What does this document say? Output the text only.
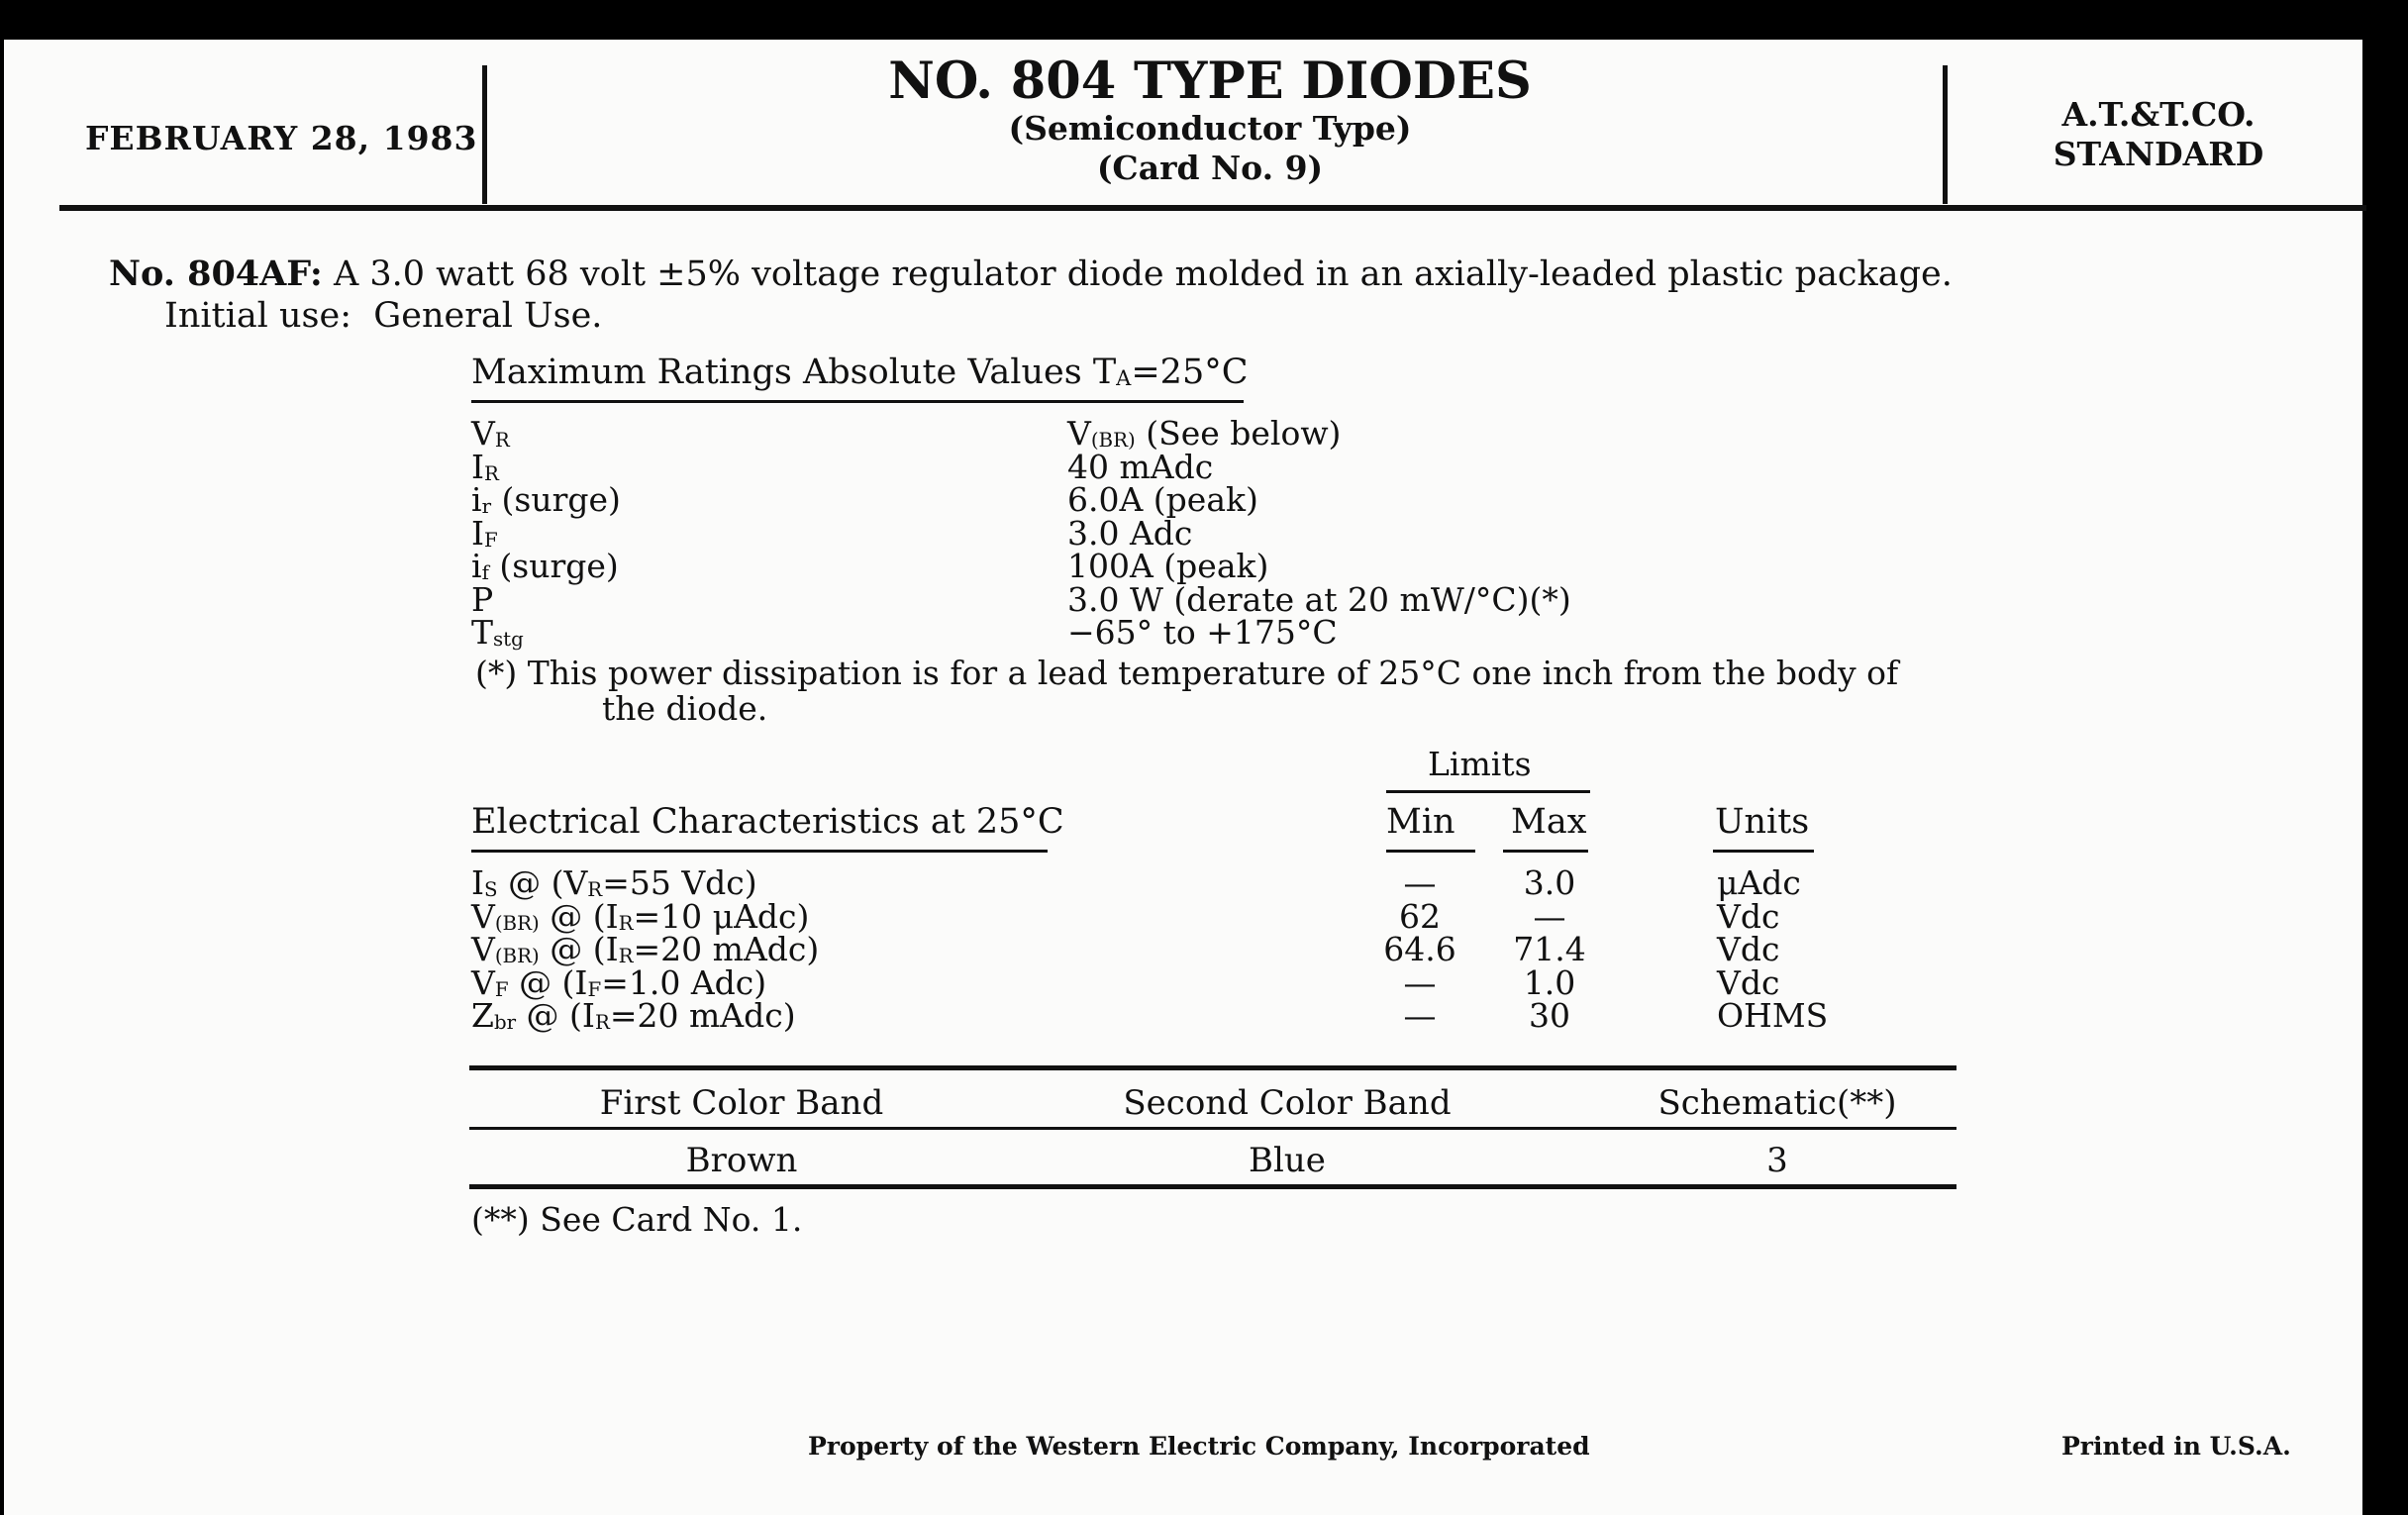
FEBRUARY 28, 1983
NO. 804 TYPE DIODES
(Semiconductor Type)
(Card No. 9)
A.T.&T.CO.
STANDARD
No. 804AF: A 3.0 watt 68 volt ±5% voltage regulator diode molded in an axially-leaded plastic package.
Initial use: General Use.
Maximum Ratings Absolute Values $T_A=25^\circ C$
$V_R$	$V_{(BR)}$ (See below)
$I_R$	40 mAdc
$i_r$ (surge)	6.0A (peak)
$I_F$	3.0 Adc
$i_f$ (surge)	100A (peak)
P	3.0 W (derate at 20 mW/°C)(*)
$T_{stg}$	−65° to +175°C
(*) This power dissipation is for a lead temperature of 25°C one inch from the body of
the diode.
Limits
Electrical Characteristics at 25°C	Min Max	Units
$I_S$ @ ($V_R=55$ Vdc)	—	3.0	μAdc
$V_{(BR)}$ @ ($I_R=10$ μAdc)	62	—	Vdc
$V_{(BR)}$ @ ($I_R=20$ mAdc)	64.6 71.4	Vdc
$V_F$ @ ($I_F=1.0$ Adc)	—	1.0	Vdc
$Z_{br}$ @ ($I_R=20$ mAdc)	—	30	OHMS
First Color Band	Second Color Band	Schematic(**)
Brown	Blue	3
(**) See Card No. 1.
Property of the Western Electric Company, Incorporated	Printed in U.S.A.
